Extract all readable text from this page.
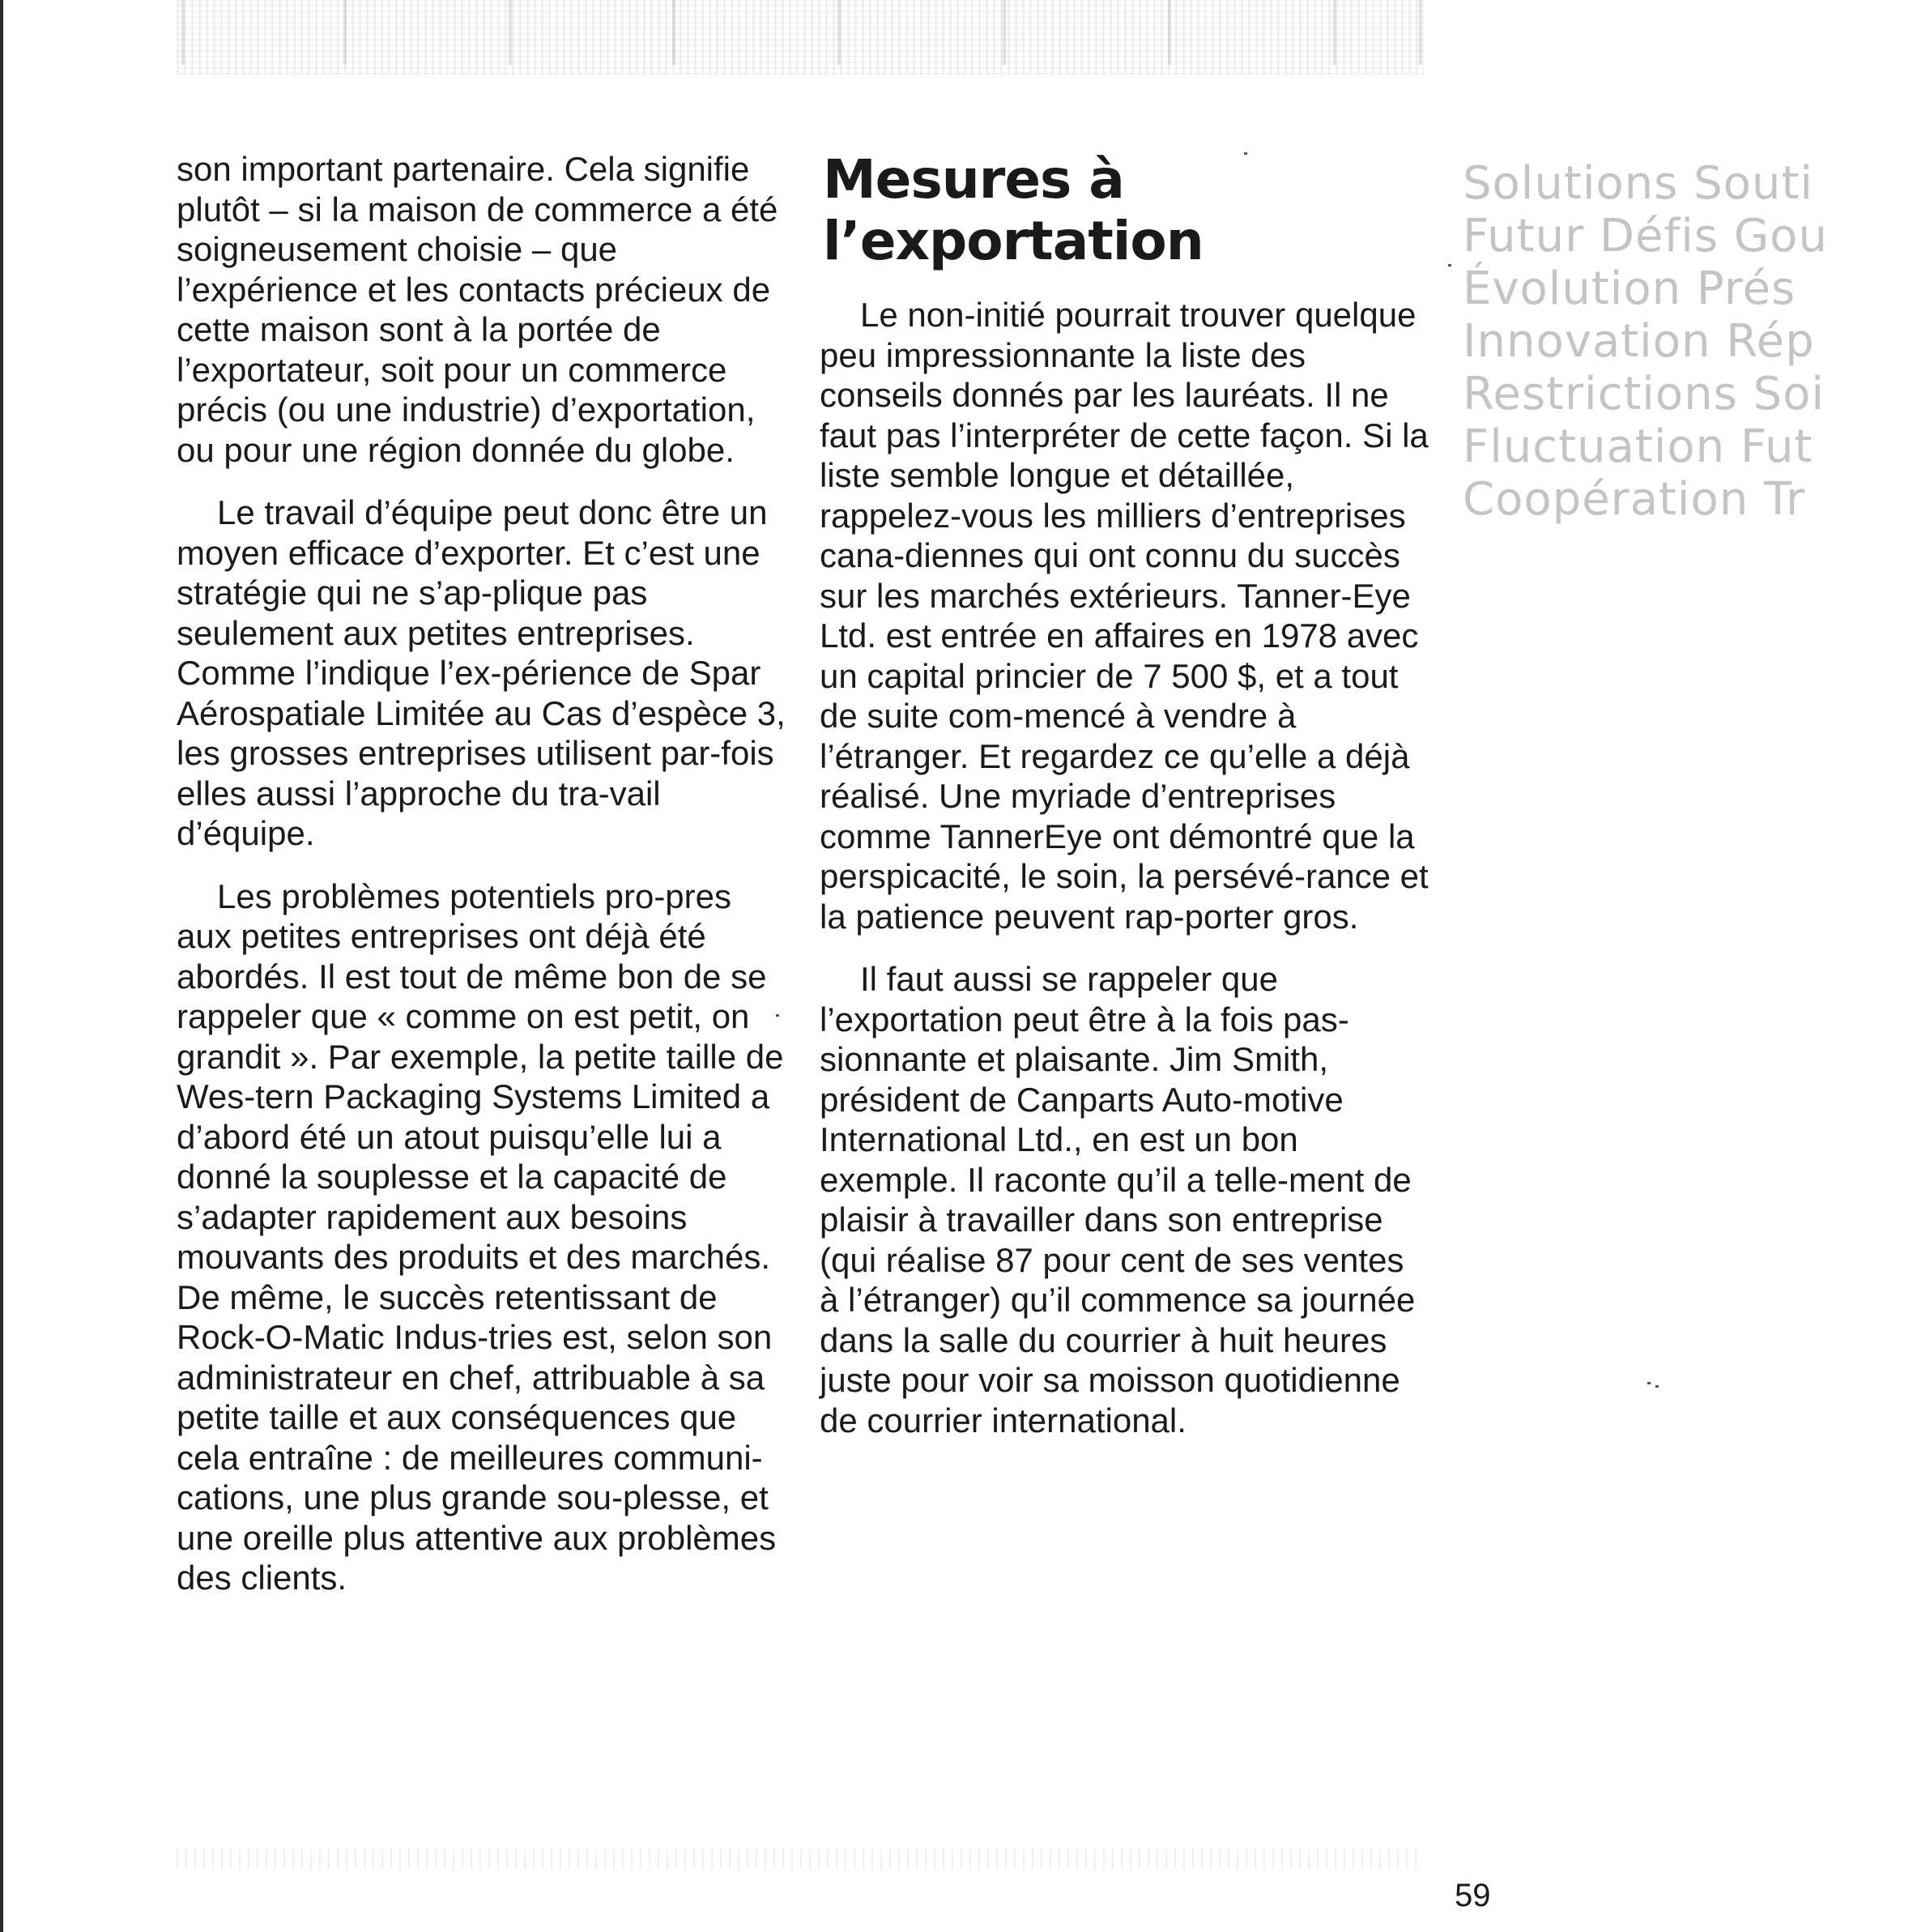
son important partenaire. Cela signifie plutôt – si la maison de commerce a été soigneusement choisie – que l’expérience et les contacts précieux de cette maison sont à la portée de l’exportateur, soit pour un commerce précis (ou une industrie) d’exportation, ou pour une région donnée du globe.

Le travail d’équipe peut donc être un moyen efficace d’exporter. Et c’est une stratégie qui ne s’ap-plique pas seulement aux petites entreprises. Comme l’indique l’ex-périence de Spar Aérospatiale Limitée au Cas d’espèce 3, les grosses entreprises utilisent par-fois elles aussi l’approche du tra-vail d’équipe.

Les problèmes potentiels pro-pres aux petites entreprises ont déjà été abordés. Il est tout de même bon de se rappeler que « comme on est petit, on grandit ». Par exemple, la petite taille de Wes-tern Packaging Systems Limited a d’abord été un atout puisqu’elle lui a donné la souplesse et la capacité de s’adapter rapidement aux besoins mouvants des produits et des marchés. De même, le succès retentissant de Rock-O-Matic Indus-tries est, selon son administrateur en chef, attribuable à sa petite taille et aux conséquences que cela entraîne : de meilleures communi-cations, une plus grande sou-plesse, et une oreille plus attentive aux problèmes des clients.

Mesures à
l’exportation

Le non-initié pourrait trouver quelque peu impressionnante la liste des conseils donnés par les lauréats. Il ne faut pas l’interpréter de cette façon. Si la liste semble longue et détaillée, rappelez-vous les milliers d’entreprises cana-diennes qui ont connu du succès sur les marchés extérieurs. Tanner-Eye Ltd. est entrée en affaires en 1978 avec un capital princier de 7 500 $, et a tout de suite com-mencé à vendre à l’étranger. Et regardez ce qu’elle a déjà réalisé. Une myriade d’entreprises comme TannerEye ont démontré que la perspicacité, le soin, la persévé-rance et la patience peuvent rap-porter gros.

Il faut aussi se rappeler que l’exportation peut être à la fois pas-sionnante et plaisante. Jim Smith, président de Canparts Auto-motive International Ltd., en est un bon exemple. Il raconte qu’il a telle-ment de plaisir à travailler dans son entreprise (qui réalise 87 pour cent de ses ventes à l’étranger) qu’il commence sa journée dans la salle du courrier à huit heures juste pour voir sa moisson quotidienne de courrier international.

Solutions Souti
Futur Défis Gou
Évolution Prés
Innovation Rép
Restrictions Soi
Fluctuation Fut
Coopération Tr
59
